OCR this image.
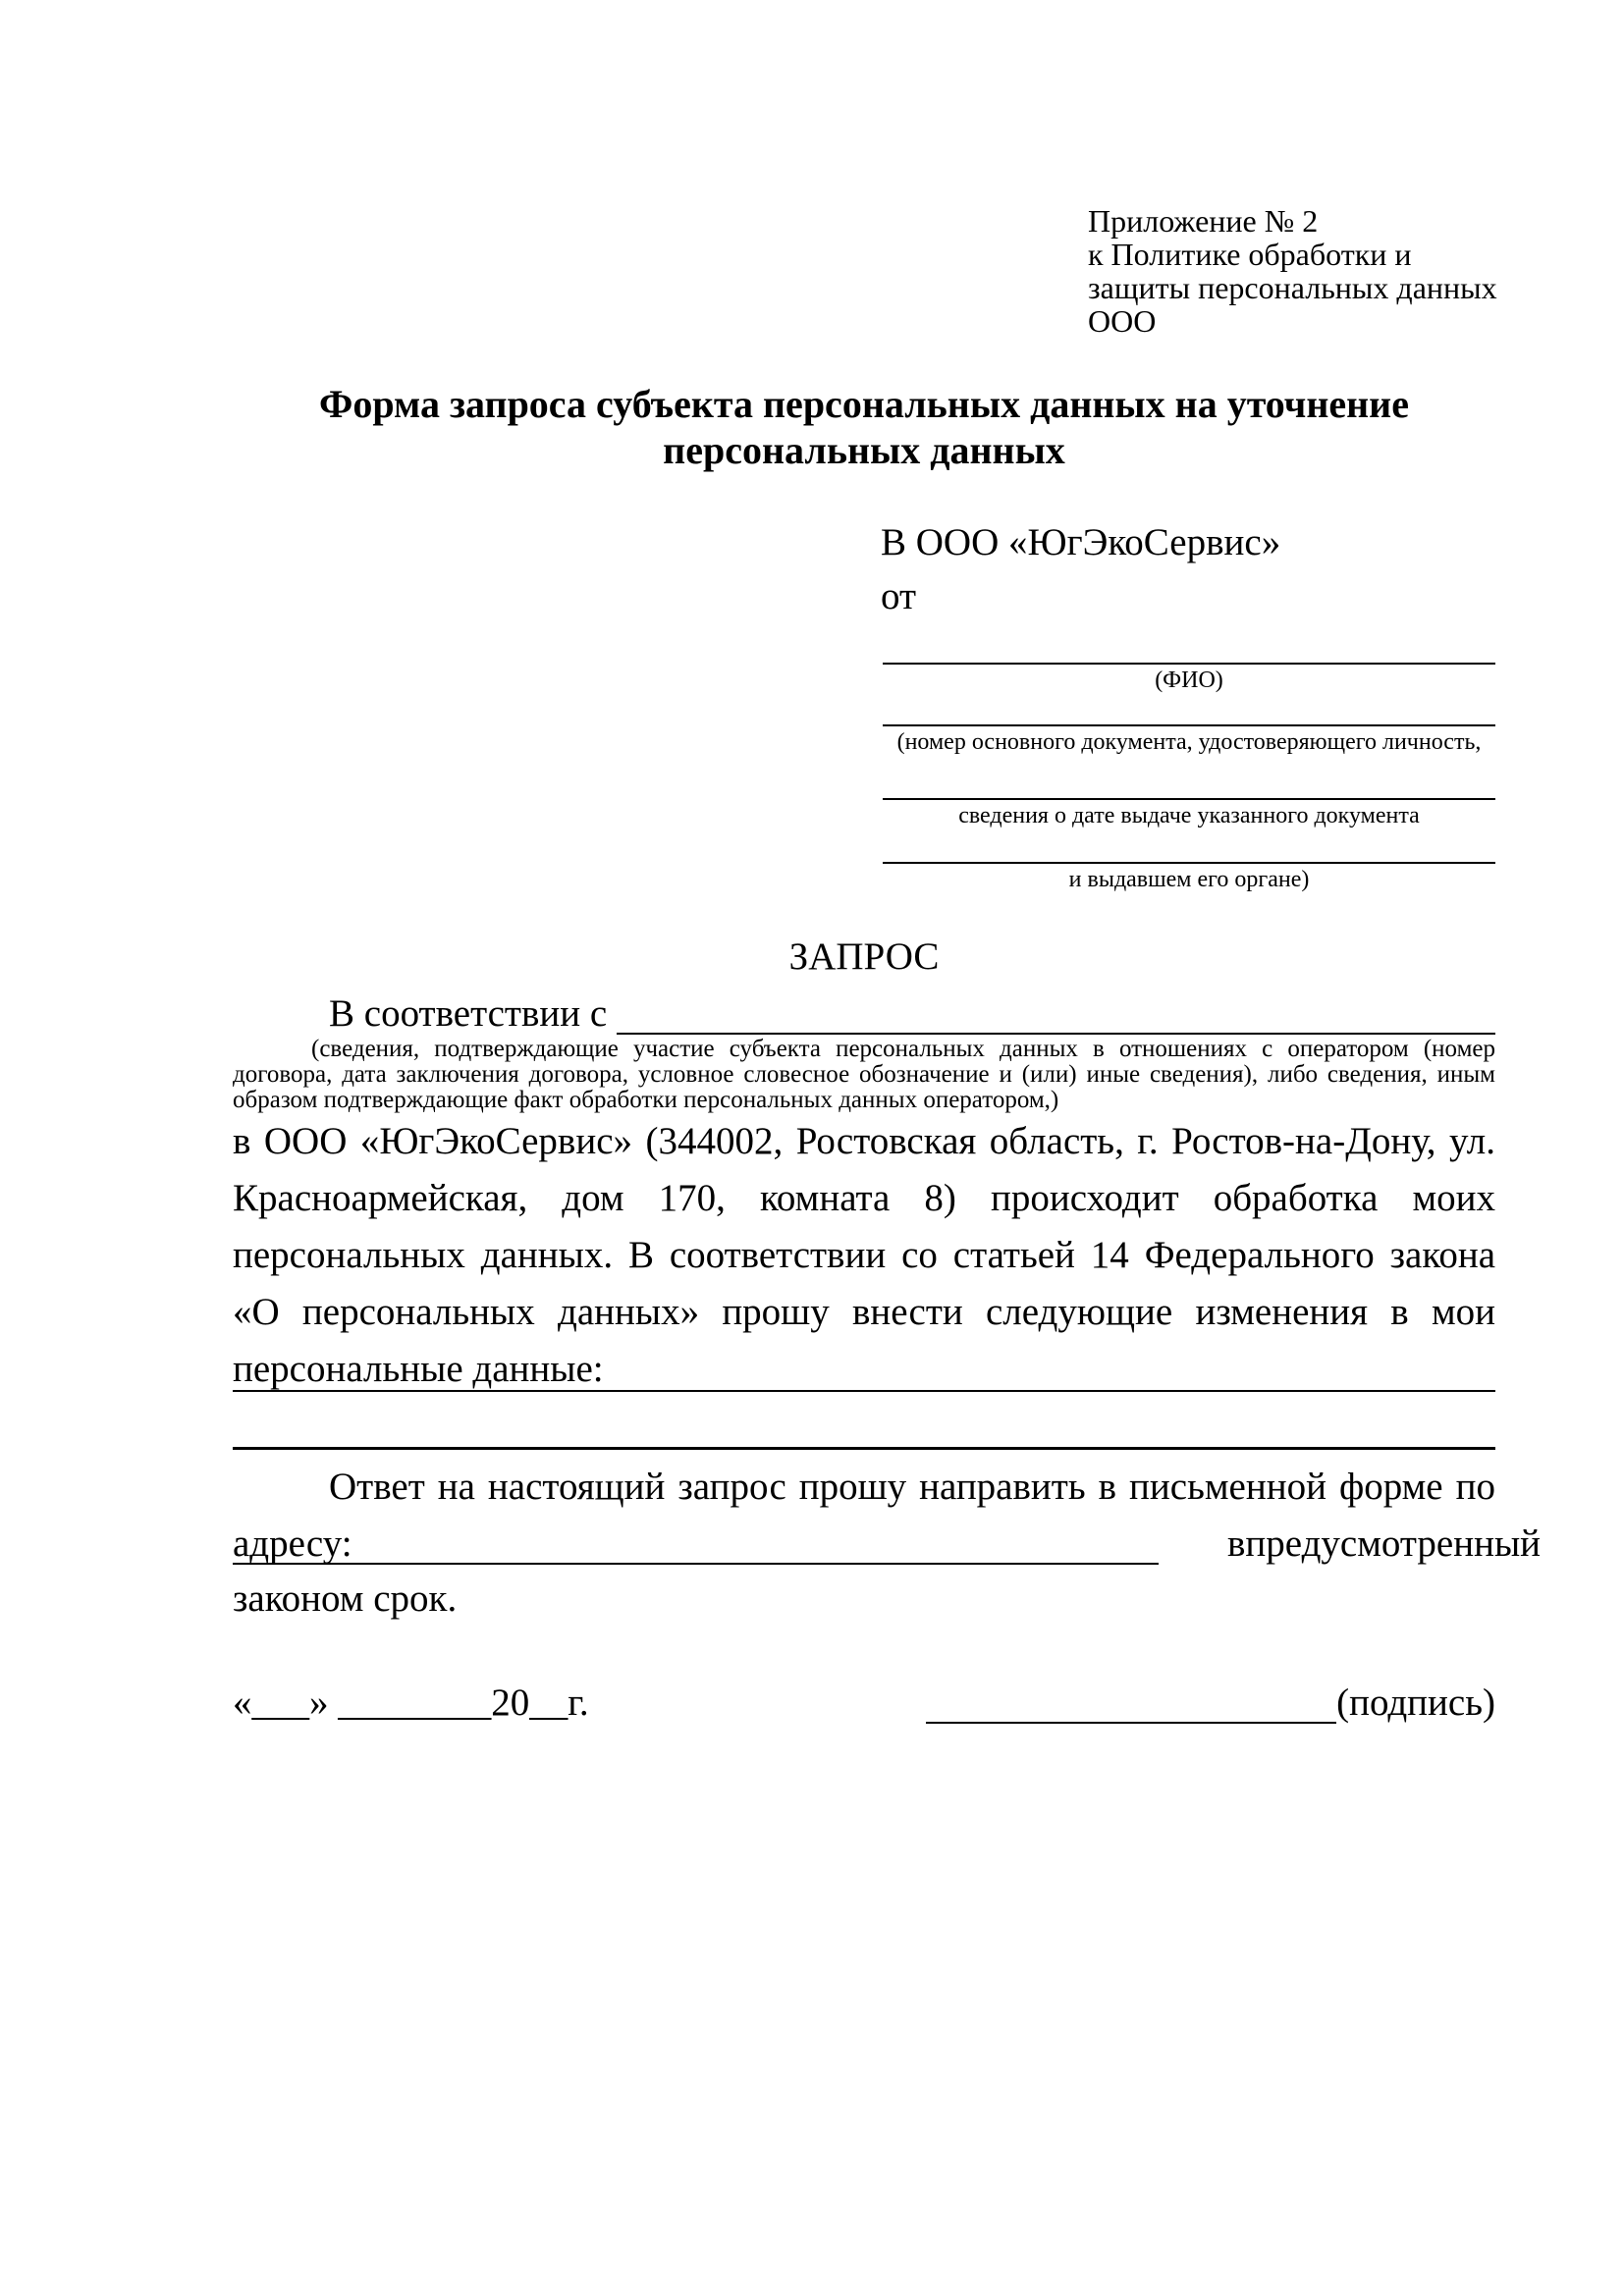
Приложение № 2
к Политике обработки и
защиты персональных данных
ООО
Форма запроса субъекта персональных данных на уточнение персональных данных
В ООО «ЮгЭкоСервис»
от
(ФИО)
(номер основного документа, удостоверяющего личность,
сведения о дате выдаче указанного документа
и выдавшем его органе)
ЗАПРОС
В соответствии с
(сведения, подтверждающие участие субъекта персональных данных в отношениях с оператором (номер договора, дата заключения договора, условное словесное обозначение и (или) иные сведения), либо сведения, иным образом подтверждающие факт обработки персональных данных оператором,)
в ООО «ЮгЭкоСервис» (344002, Ростовская область, г. Ростов-на-Дону, ул. Красноармейская, дом 170, комната 8) происходит обработка моих персональных данных. В соответствии со статьей 14 Федерального закона «О персональных данных» прошу внести следующие изменения в мои персональные данные:
Ответ на настоящий запрос прошу направить в письменной форме по адресу:	в предусмотренный
законом срок.
«___» ________20__г.	(подпись)
